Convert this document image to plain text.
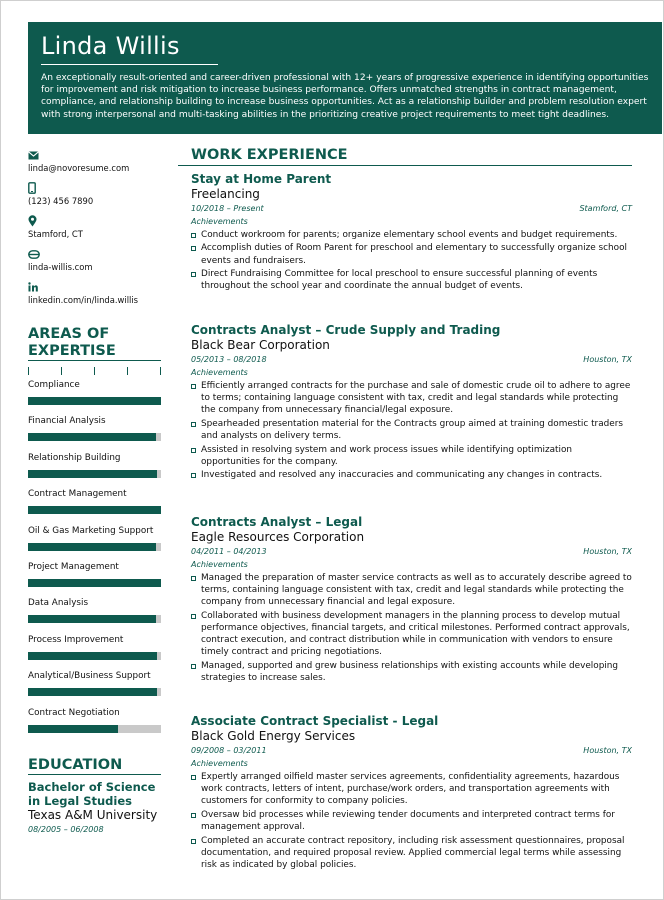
Linda Willis
An exceptionally result-oriented and career-driven professional with 12+ years of progressive experience in identifying opportunities for improvement and risk mitigation to increase business performance. Offers unmatched strengths in contract management, compliance, and relationship building to increase business opportunities. Act as a relationship builder and problem resolution expert with strong interpersonal and multi-tasking abilities in the prioritizing creative project requirements to meet tight deadlines.
linda@novoresume.com
(123) 456 7890
Stamford, CT
linda-willis.com
linkedin.com/in/linda.willis
AREAS OF
EXPERTISE
Compliance
Financial Analysis
Relationship Building
Contract Management
Oil & Gas Marketing Support
Project Management
Data Analysis
Process Improvement
Analytical/Business Support
Contract Negotiation
EDUCATION
Bachelor of Science in Legal Studies
Texas A&M University
08/2005 – 06/2008
WORK EXPERIENCE
Stay at Home Parent
Freelancing
10/2018 – Present	Stamford, CT
Achievements
Conduct workroom for parents; organize elementary school events and budget requirements.
Accomplish duties of Room Parent for preschool and elementary to successfully organize school events and fundraisers.
Direct Fundraising Committee for local preschool to ensure successful planning of events throughout the school year and coordinate the annual budget of events.
Contracts Analyst – Crude Supply and Trading
Black Bear Corporation
05/2013 – 08/2018	Houston, TX
Achievements
Efficiently arranged contracts for the purchase and sale of domestic crude oil to adhere to agree to terms; containing language consistent with tax, credit and legal standards while protecting the company from unnecessary financial/legal exposure.
Spearheaded presentation material for the Contracts group aimed at training domestic traders and analysts on delivery terms.
Assisted in resolving system and work process issues while identifying optimization opportunities for the company.
Investigated and resolved any inaccuracies and communicating any changes in contracts.
Contracts Analyst – Legal
Eagle Resources Corporation
04/2011 – 04/2013	Houston, TX
Achievements
Managed the preparation of master service contracts as well as to accurately describe agreed to terms, containing language consistent with tax, credit and legal standards while protecting the company from unnecessary financial and legal exposure.
Collaborated with business development managers in the planning process to develop mutual performance objectives, financial targets, and critical milestones. Performed contract approvals, contract execution, and contract distribution while in communication with vendors to ensure timely contract and pricing negotiations.
Managed, supported and grew business relationships with existing accounts while developing strategies to increase sales.
Associate Contract Specialist - Legal
Black Gold Energy Services
09/2008 – 03/2011	Houston, TX
Achievements
Expertly arranged oilfield master services agreements, confidentiality agreements, hazardous work contracts, letters of intent, purchase/work orders, and transportation agreements with customers for conformity to company policies.
Oversaw bid processes while reviewing tender documents and interpreted contract terms for management approval.
Completed an accurate contract repository, including risk assessment questionnaires, proposal documentation, and required proposal review. Applied commercial legal terms while assessing risk as indicated by global policies.
